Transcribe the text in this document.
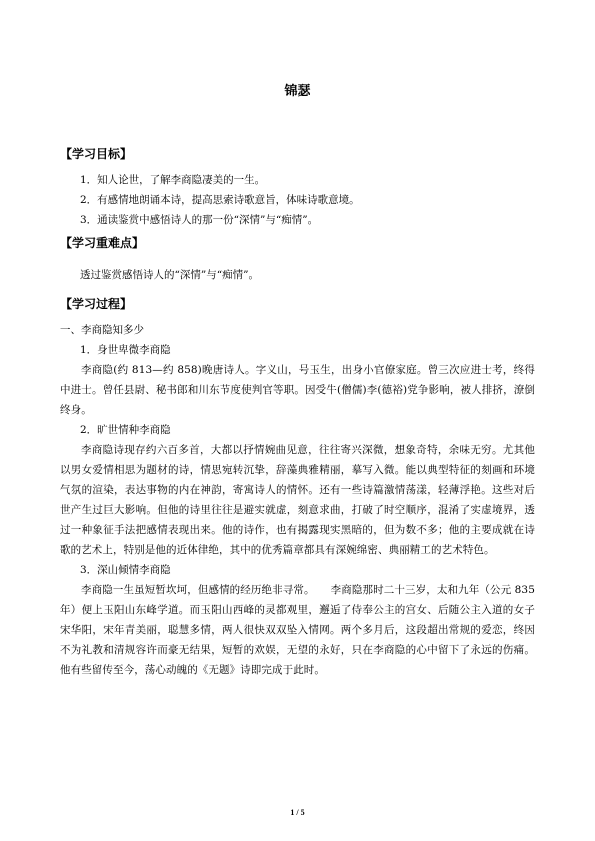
锦瑟
【学习目标】
1．知人论世，了解李商隐凄美的一生。
2．有感情地朗诵本诗，提高思索诗歌意旨，体味诗歌意境。
3．通读鉴赏中感悟诗人的那一份“深情”与“痴情”。
【学习重难点】
透过鉴赏感悟诗人的“深情”与“痴情”。
【学习过程】

一、李商隐知多少

1．身世卑微李商隐

李商隐(约 813—约 858)晚唐诗人。字义山，号玉生，出身小官僚家庭。曾三次应进士考，终得中进士。曾任县尉、秘书郎和川东节度使判官等职。因受牛(僧儒)李(德裕)党争影响，被人排挤，潦倒终身。

2．旷世情种李商隐

李商隐诗现存约六百多首，大都以抒情婉曲见意，往往寄兴深微，想象奇特，余味无穷。尤其他以男女爱情相思为题材的诗，情思宛转沉挚，辞藻典雅精丽，摹写入微。能以典型特征的刻画和环境气氛的渲染，表达事物的内在神韵，寄寓诗人的情怀。还有一些诗篇激情荡漾，轻薄浮艳。这些对后世产生过巨大影响。但他的诗里往往是避实就虚，刻意求曲，打破了时空顺序，混淆了实虚境界，透过一种象征手法把感情表现出来。他的诗作，也有揭露现实黑暗的，但为数不多；他的主要成就在诗歌的艺术上，特别是他的近体律绝，其中的优秀篇章都具有深婉绵密、典丽精工的艺术特色。

3．深山倾情李商隐

李商隐一生虽短暂坎坷，但感情的经历绝非寻常。　　李商隐那时二十三岁，太和九年（公元 835 年）便上玉阳山东峰学道。而玉阳山西峰的灵都观里，邂逅了侍奉公主的宫女、后随公主入道的女子宋华阳，宋年青美丽，聪慧多情，两人很快双双坠入情网。两个多月后，这段超出常规的爱恋，终因不为礼教和清规容许而豪无结果，短暂的欢娱，无望的永好，只在李商隐的心中留下了永远的伤痛。他有些留传至今，荡心动魄的《无题》诗即完成于此时。

1 / 5
